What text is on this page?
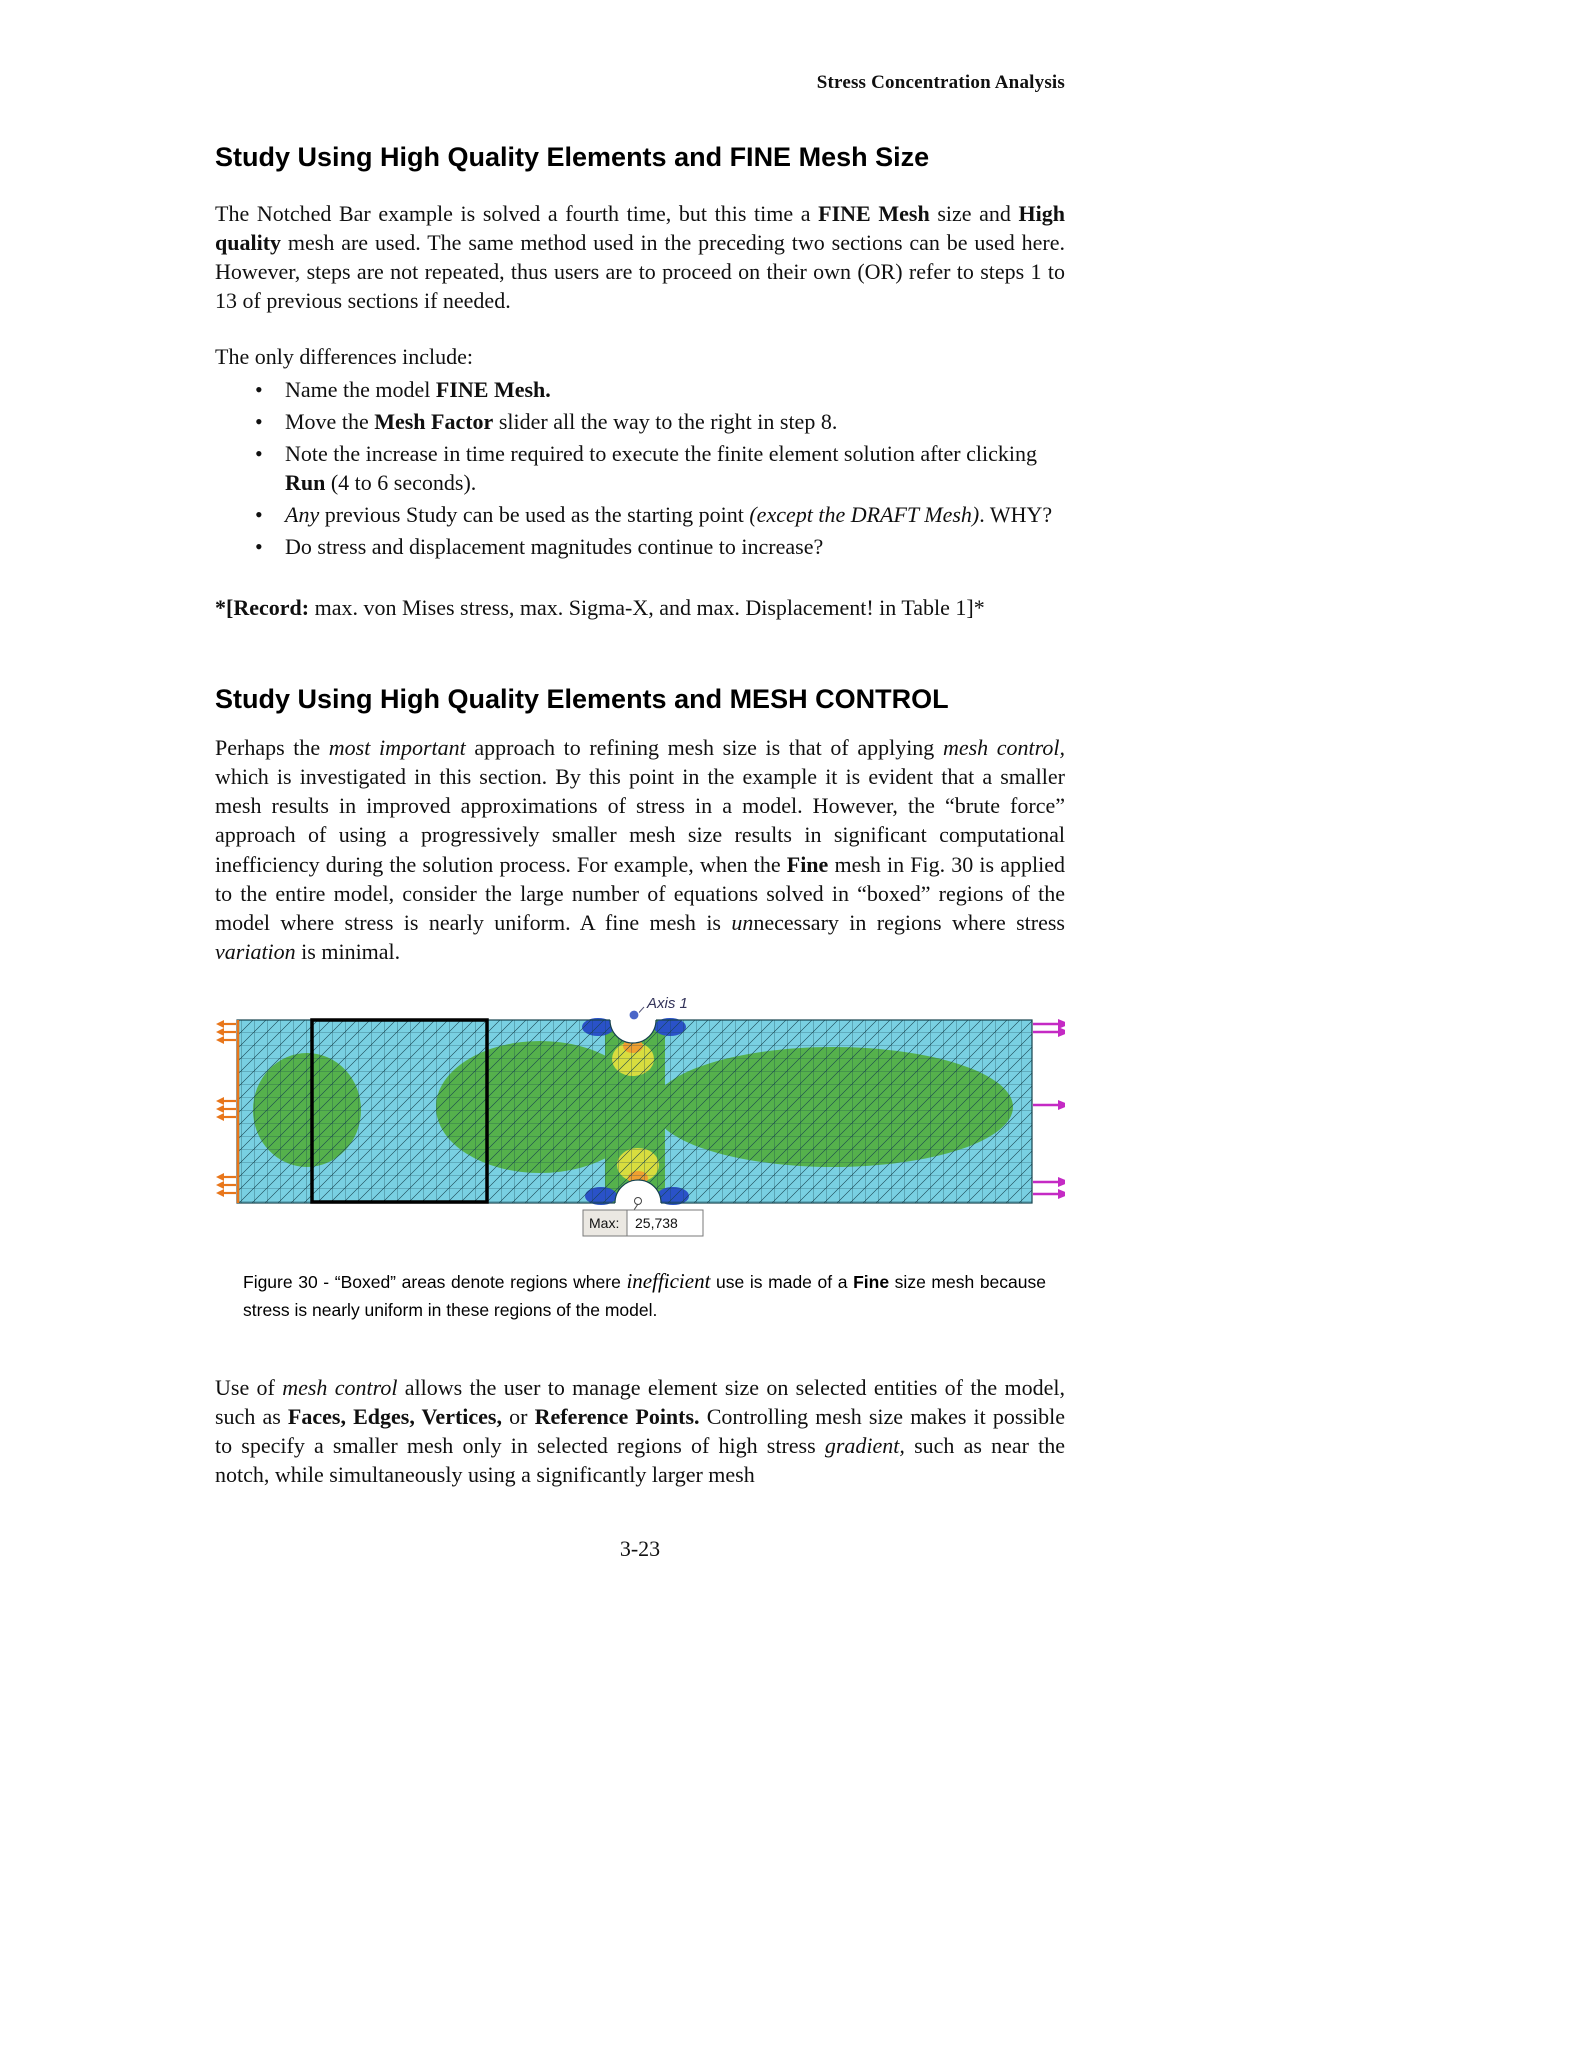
Stress Concentration Analysis
Study Using High Quality Elements and FINE Mesh Size

The Notched Bar example is solved a fourth time, but this time a FINE Mesh size and High quality mesh are used. The same method used in the preceding two sections can be used here. However, steps are not repeated, thus users are to proceed on their own (OR) refer to steps 1 to 13 of previous sections if needed.

The only differences include:

• Name the model FINE Mesh.
• Move the Mesh Factor slider all the way to the right in step 8.
• Note the increase in time required to execute the finite element solution after clicking Run (4 to 6 seconds).
• Any previous Study can be used as the starting point (except the DRAFT Mesh). WHY?
• Do stress and displacement magnitudes continue to increase?

*[Record: max. von Mises stress, max. Sigma-X, and max. Displacement! in Table 1]*

Study Using High Quality Elements and MESH CONTROL

Perhaps the most important approach to refining mesh size is that of applying mesh control, which is investigated in this section. By this point in the example it is evident that a smaller mesh results in improved approximations of stress in a model. However, the “brute force” approach of using a progressively smaller mesh size results in significant computational inefficiency during the solution process. For example, when the Fine mesh in Fig. 30 is applied to the entire model, consider the large number of equations solved in “boxed” regions of the model where stress is nearly uniform. A fine mesh is unnecessary in regions where stress variation is minimal.

Axis 1
Max: 25,738

Figure 30 - “Boxed” areas denote regions where inefficient use is made of a Fine size mesh because stress is nearly uniform in these regions of the model.

Use of mesh control allows the user to manage element size on selected entities of the model, such as Faces, Edges, Vertices, or Reference Points. Controlling mesh size makes it possible to specify a smaller mesh only in selected regions of high stress gradient, such as near the notch, while simultaneously using a significantly larger mesh

3-23
